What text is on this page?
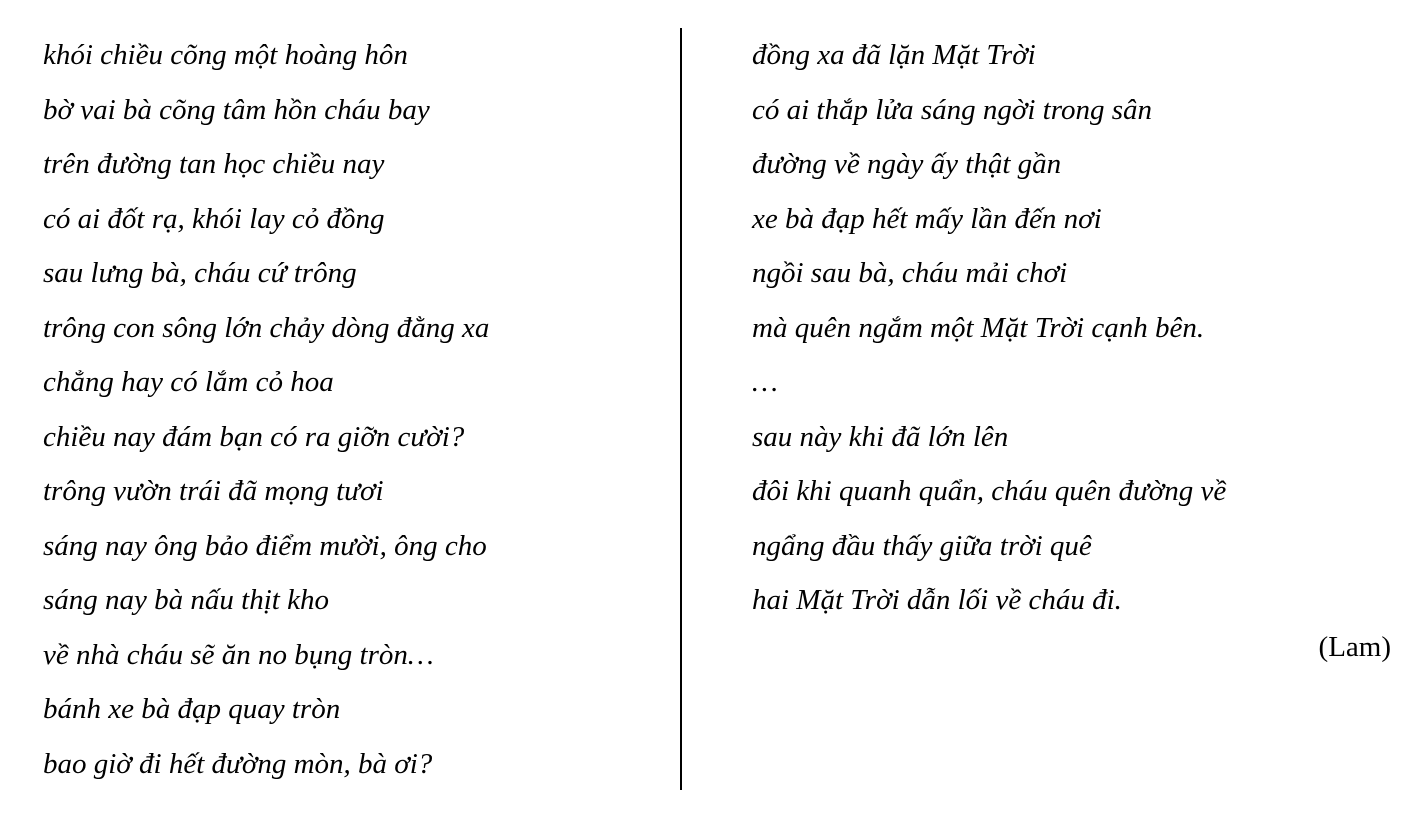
khói chiều cõng một hoàng hôn
bờ vai bà cõng tâm hồn cháu bay
trên đường tan học chiều nay
có ai đốt rạ, khói lay cỏ đồng
sau lưng bà, cháu cứ trông
trông con sông lớn chảy dòng đằng xa
chẳng hay có lắm cỏ hoa
chiều nay đám bạn có ra giỡn cười?
trông vườn trái đã mọng tươi
sáng nay ông bảo điểm mười, ông cho
sáng nay bà nấu thịt kho
về nhà cháu sẽ ăn no bụng tròn…
bánh xe bà đạp quay tròn
bao giờ đi hết đường mòn, bà ơi?
đồng xa đã lặn Mặt Trời
có ai thắp lửa sáng ngời trong sân
đường về ngày ấy thật gần
xe bà đạp hết mấy lần đến nơi
ngồi sau bà, cháu mải chơi
mà quên ngắm một Mặt Trời cạnh bên.
…
sau này khi đã lớn lên
đôi khi quanh quẩn, cháu quên đường về
ngẩng đầu thấy giữa trời quê
hai Mặt Trời dẫn lối về cháu đi.
(Lam)
